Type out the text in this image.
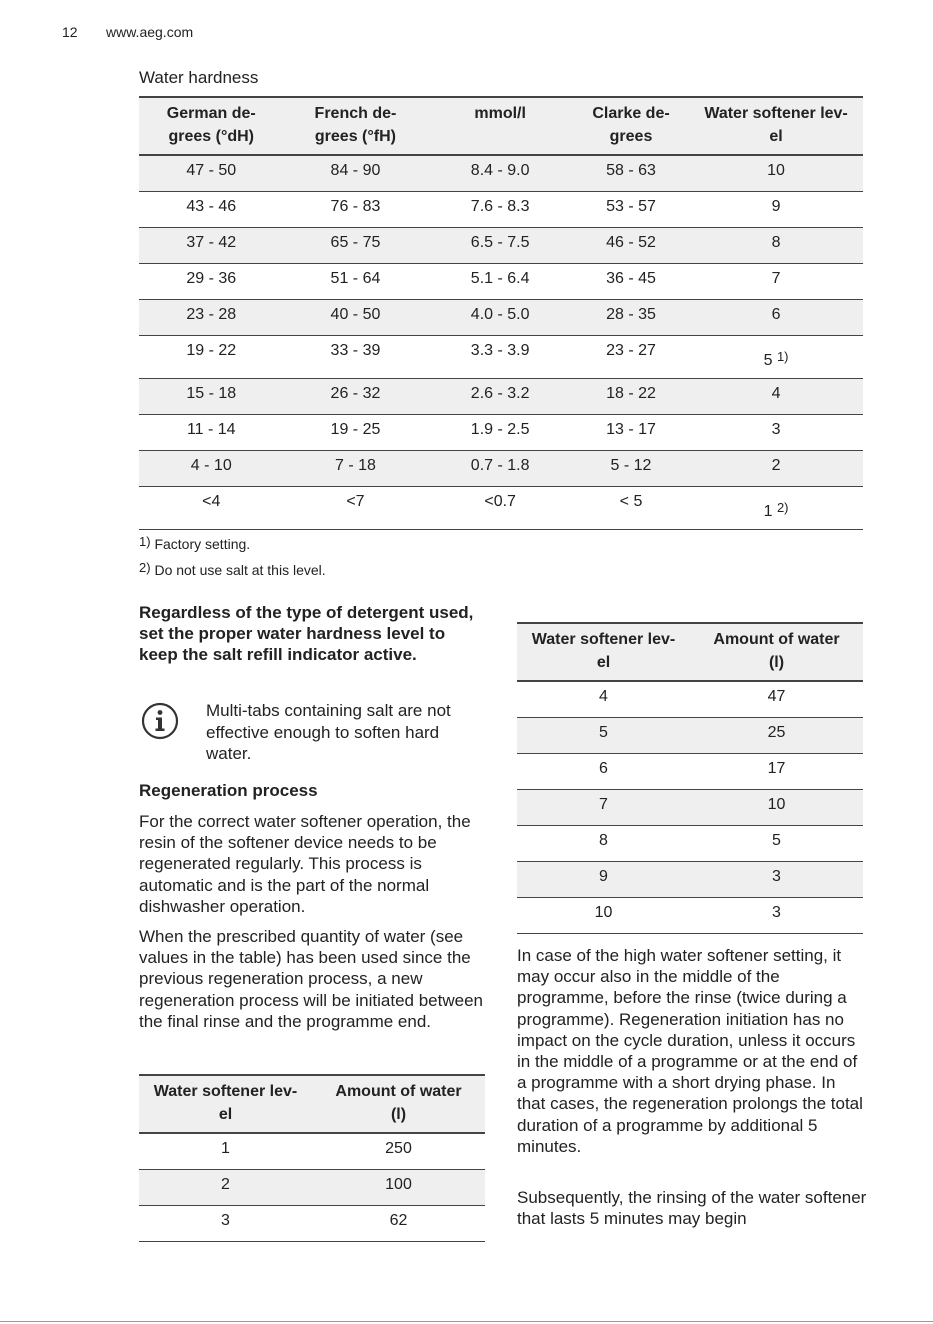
12 www.aeg.com
Water hardness
German de-
grees (°dH)	French de-
grees (°fH)	mmol/l	Clarke de-
grees	Water softener lev-
el
47 - 50	84 - 90	8.4 - 9.0	58 - 63	10
43 - 46	76 - 83	7.6 - 8.3	53 - 57	9
37 - 42	65 - 75	6.5 - 7.5	46 - 52	8
29 - 36	51 - 64	5.1 - 6.4	36 - 45	7
23 - 28	40 - 50	4.0 - 5.0	28 - 35	6
19 - 22	33 - 39	3.3 - 3.9	23 - 27	5 $^{1)}$
15 - 18	26 - 32	2.6 - 3.2	18 - 22	4
11 - 14	19 - 25	1.9 - 2.5	13 - 17	3
4 - 10	7 - 18	0.7 - 1.8	5 - 12	2
<4	<7	<0.7	< 5	1 $^{2)}$
$^{1)}$ Factory setting.
$^{2)}$ Do not use salt at this level.
Regardless of the type of detergent used, set the proper water hardness level to keep the salt refill indicator active.
Multi-tabs containing salt are not effective enough to soften hard water.
Regeneration process
For the correct water softener operation, the resin of the softener device needs to be regenerated regularly. This process is automatic and is the part of the normal dishwasher operation.
When the prescribed quantity of water (see values in the table) has been used since the previous regeneration process, a new regeneration process will be initiated between the final rinse and the programme end.
Water softener lev-
el	Amount of water
(l)
1	250
2	100
3	62
Water softener lev-
el	Amount of water
(l)
4	47
5	25
6	17
7	10
8	5
9	3
10	3
In case of the high water softener setting, it may occur also in the middle of the programme, before the rinse (twice during a programme). Regeneration initiation has no impact on the cycle duration, unless it occurs in the middle of a programme or at the end of a programme with a short drying phase. In that cases, the regeneration prolongs the total duration of a programme by additional 5 minutes.
Subsequently, the rinsing of the water softener that lasts 5 minutes may begin
